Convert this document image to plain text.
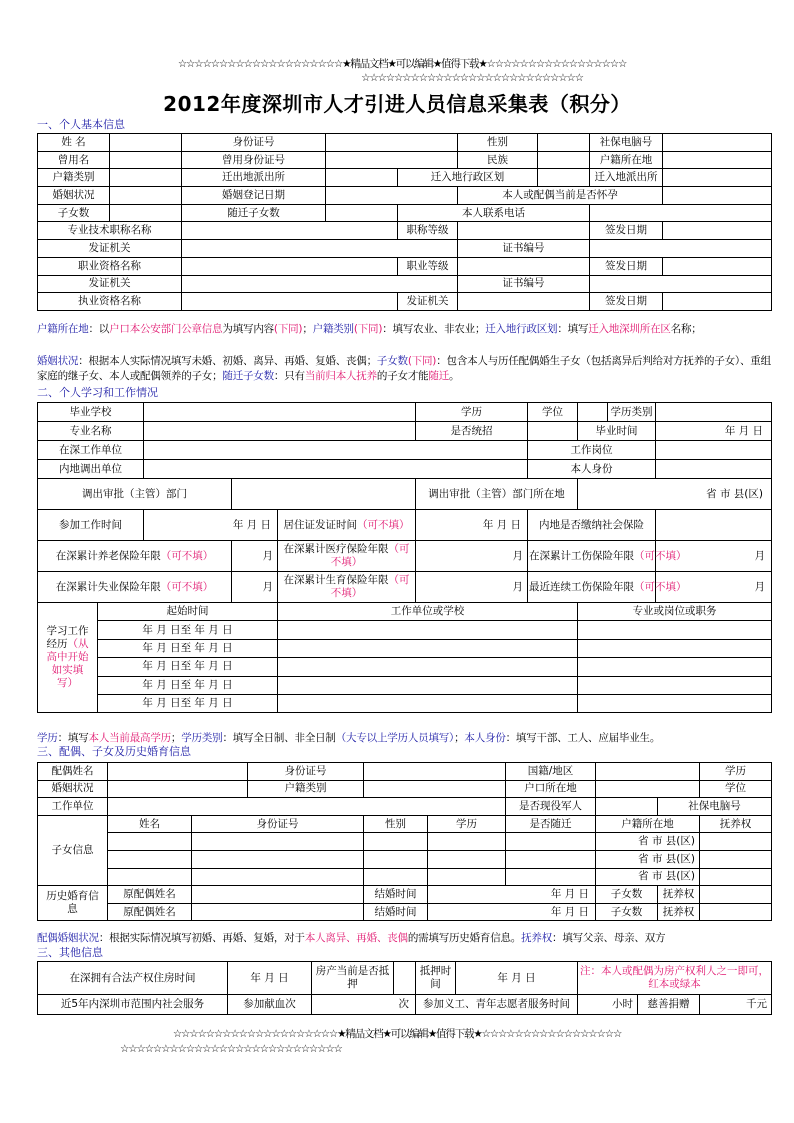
☆☆☆☆☆☆☆☆☆☆☆☆☆☆☆☆☆☆☆☆★精品文档★可以编辑★值得下载★☆☆☆☆☆☆☆☆☆☆☆☆☆☆☆☆☆
☆☆☆☆☆☆☆☆☆☆☆☆☆☆☆☆☆☆☆☆☆☆☆☆☆☆☆
2012年度深圳市人才引进人员信息采集表（积分）
一、个人基本信息
姓 名		身份证号			性别		社保电脑号	
曾用名		曾用身份证号			民族		户籍所在地	
户籍类别		迁出地派出所		迁入地行政区划			迁入地派出所	
婚姻状况		婚姻登记日期			本人或配偶当前是否怀孕			
子女数		随迁子女数		本人联系电话				
专业技术职称名称				职称等级			签发日期	
发证机关					证书编号			
职业资格名称				职业等级			签发日期	
发证机关					证书编号			
执业资格名称				发证机关			签发日期	
户籍所在地：以户口本公安部门公章信息为填写内容(下同)；户籍类别(下同)：填写农业、非农业；迁入地行政区划：填写迁入地深圳所在区名称；
婚姻状况：根据本人实际情况填写未婚、初婚、离异、再婚、复婚、丧偶；子女数(下同)：包含本人与历任配偶婚生子女（包括离异后判给对方抚养的子女）、重组家庭的继子女、本人或配偶领养的子女；随迁子女数：只有当前归本人抚养的子女才能随迁。
二、个人学习和工作情况
毕业学校					学历	学位		学历类别	
专业名称					是否统招		毕业时间		年 月 日
在深工作单位						工作岗位			
内地调出单位						本人身份			
调出审批（主管）部门					调出审批（主管）部门所在地		省 市 县(区)		
参加工作时间		年 月 日		居住证发证时间（可不填）	年 月 日	内地是否缴纳社会保险			
在深累计养老保险年限（可不填）			月	在深累计医疗保险年限（可不填）	月	在深累计工伤保险年限（可不填）			月
在深累计失业保险年限（可不填）			月	在深累计生育保险年限（可不填）	月	最近连续工伤保险年限（可不填）			月
学习工作经历（从高中开始如实填写）	起始时间			工作单位或学校			专业或岗位或职务		
	年 月 日至 年 月 日								
	年 月 日至 年 月 日								
	年 月 日至 年 月 日								
	年 月 日至 年 月 日								
	年 月 日至 年 月 日								
学历：填写本人当前最高学历；学历类别：填写全日制、非全日制（大专以上学历人员填写）；本人身份：填写干部、工人、应届毕业生。
三、配偶、子女及历史婚育信息
配偶姓名			身份证号			国籍/地区			学历
婚姻状况			户籍类别			户口所在地			学位
工作单位						是否现役军人		社保电脑号	
子女信息	姓名	身份证号		性别	学历	是否随迁	户籍所在地		抚养权
							省 市 县(区)		
							省 市 县(区)		
							省 市 县(区)		
历史婚育信息	原配偶姓名			结婚时间	年 月 日		子女数	抚养权	
	原配偶姓名			结婚时间	年 月 日		子女数	抚养权	
配偶婚姻状况：根据实际情况填写初婚、再婚、复婚，对于本人离异、再婚、丧偶的需填写历史婚育信息。抚养权：填写父亲、母亲、双方
三、其他信息
在深拥有合法产权住房时间	年 月 日	房产当前是否抵押		抵押时间	年 月 日	注：本人或配偶为房产权利人之一即可，红本或绿本		
近5年内深圳市范围内社会服务	参加献血次	次		参加义工、青年志愿者服务时间		小时	慈善捐赠	千元
☆☆☆☆☆☆☆☆☆☆☆☆☆☆☆☆☆☆☆☆★精品文档★可以编辑★值得下载★☆☆☆☆☆☆☆☆☆☆☆☆☆☆☆☆☆
☆☆☆☆☆☆☆☆☆☆☆☆☆☆☆☆☆☆☆☆☆☆☆☆☆☆☆
